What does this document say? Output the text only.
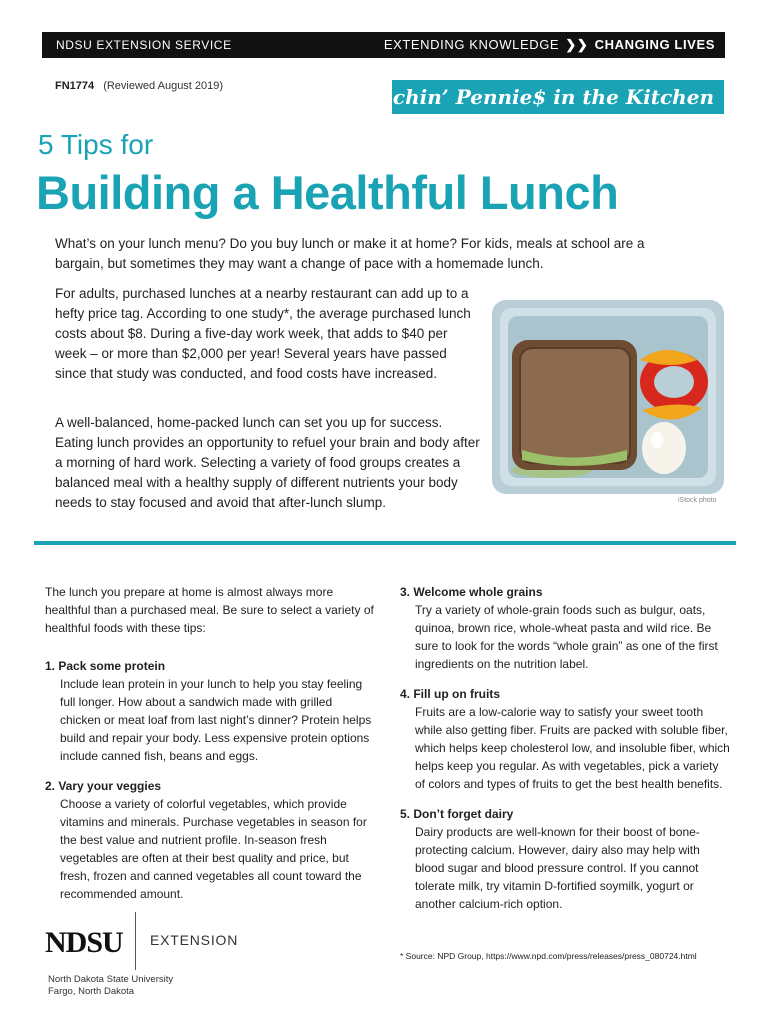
NDSU EXTENSION SERVICE	EXTENDING KNOWLEDGE ❯❯ CHANGING LIVES
FN1774 (Reviewed August 2019)	Pinchin’ Pennie$ in the Kitchen
5 Tips for
Building a Healthful Lunch

What’s on your lunch menu? Do you buy lunch or make it at home? For kids, meals at school are a bargain, but sometimes they may want a change of pace with a homemade lunch.

For adults, purchased lunches at a nearby restaurant can add up to a hefty price tag. According to one study*, the average purchased lunch costs about $8. During a five-day work week, that adds to $40 per week – or more than $2,000 per year! Several years have passed since that study was conducted, and food costs have increased.

A well-balanced, home-packed lunch can set you up for success. Eating lunch provides an opportunity to refuel your brain and body after a morning of hard work. Selecting a variety of food groups creates a balanced meal with a healthy supply of different nutrients your body needs to stay focused and avoid that after-lunch slump.	iStock photo

The lunch you prepare at home is almost always more healthful than a purchased meal. Be sure to select a variety of healthful foods with these tips:

1. Pack some protein

Include lean protein in your lunch to help you stay feeling full longer. How about a sandwich made with grilled chicken or meat loaf from last night’s dinner? Protein helps build and repair your body. Less expensive protein options include canned fish, beans and eggs.

2. Vary your veggies

Choose a variety of colorful vegetables, which provide vitamins and minerals. Purchase vegetables in season for the best value and nutrient profile. In-season fresh vegetables are often at their best quality and price, but fresh, frozen and canned vegetables all count toward the recommended amount.

3. Welcome whole grains

Try a variety of whole-grain foods such as bulgur, oats, quinoa, brown rice, whole-wheat pasta and wild rice. Be sure to look for the words “whole grain” as one of the first ingredients on the nutrition label.

4. Fill up on fruits

Fruits are a low-calorie way to satisfy your sweet tooth while also getting fiber. Fruits are packed with soluble fiber, which helps keep cholesterol low, and insoluble fiber, which helps keep you regular. As with vegetables, pick a variety of colors and types of fruits to get the best health benefits.

5. Don’t forget dairy

Dairy products are well-known for their boost of bone-protecting calcium. However, dairy also may help with blood sugar and blood pressure control. If you cannot tolerate milk, try vitamin D-fortified soymilk, yogurt or another calcium-rich option.

* Source: NPD Group, https://www.npd.com/press/releases/press_080724.html
NDSU EXTENSION
North Dakota State University
Fargo, North Dakota
